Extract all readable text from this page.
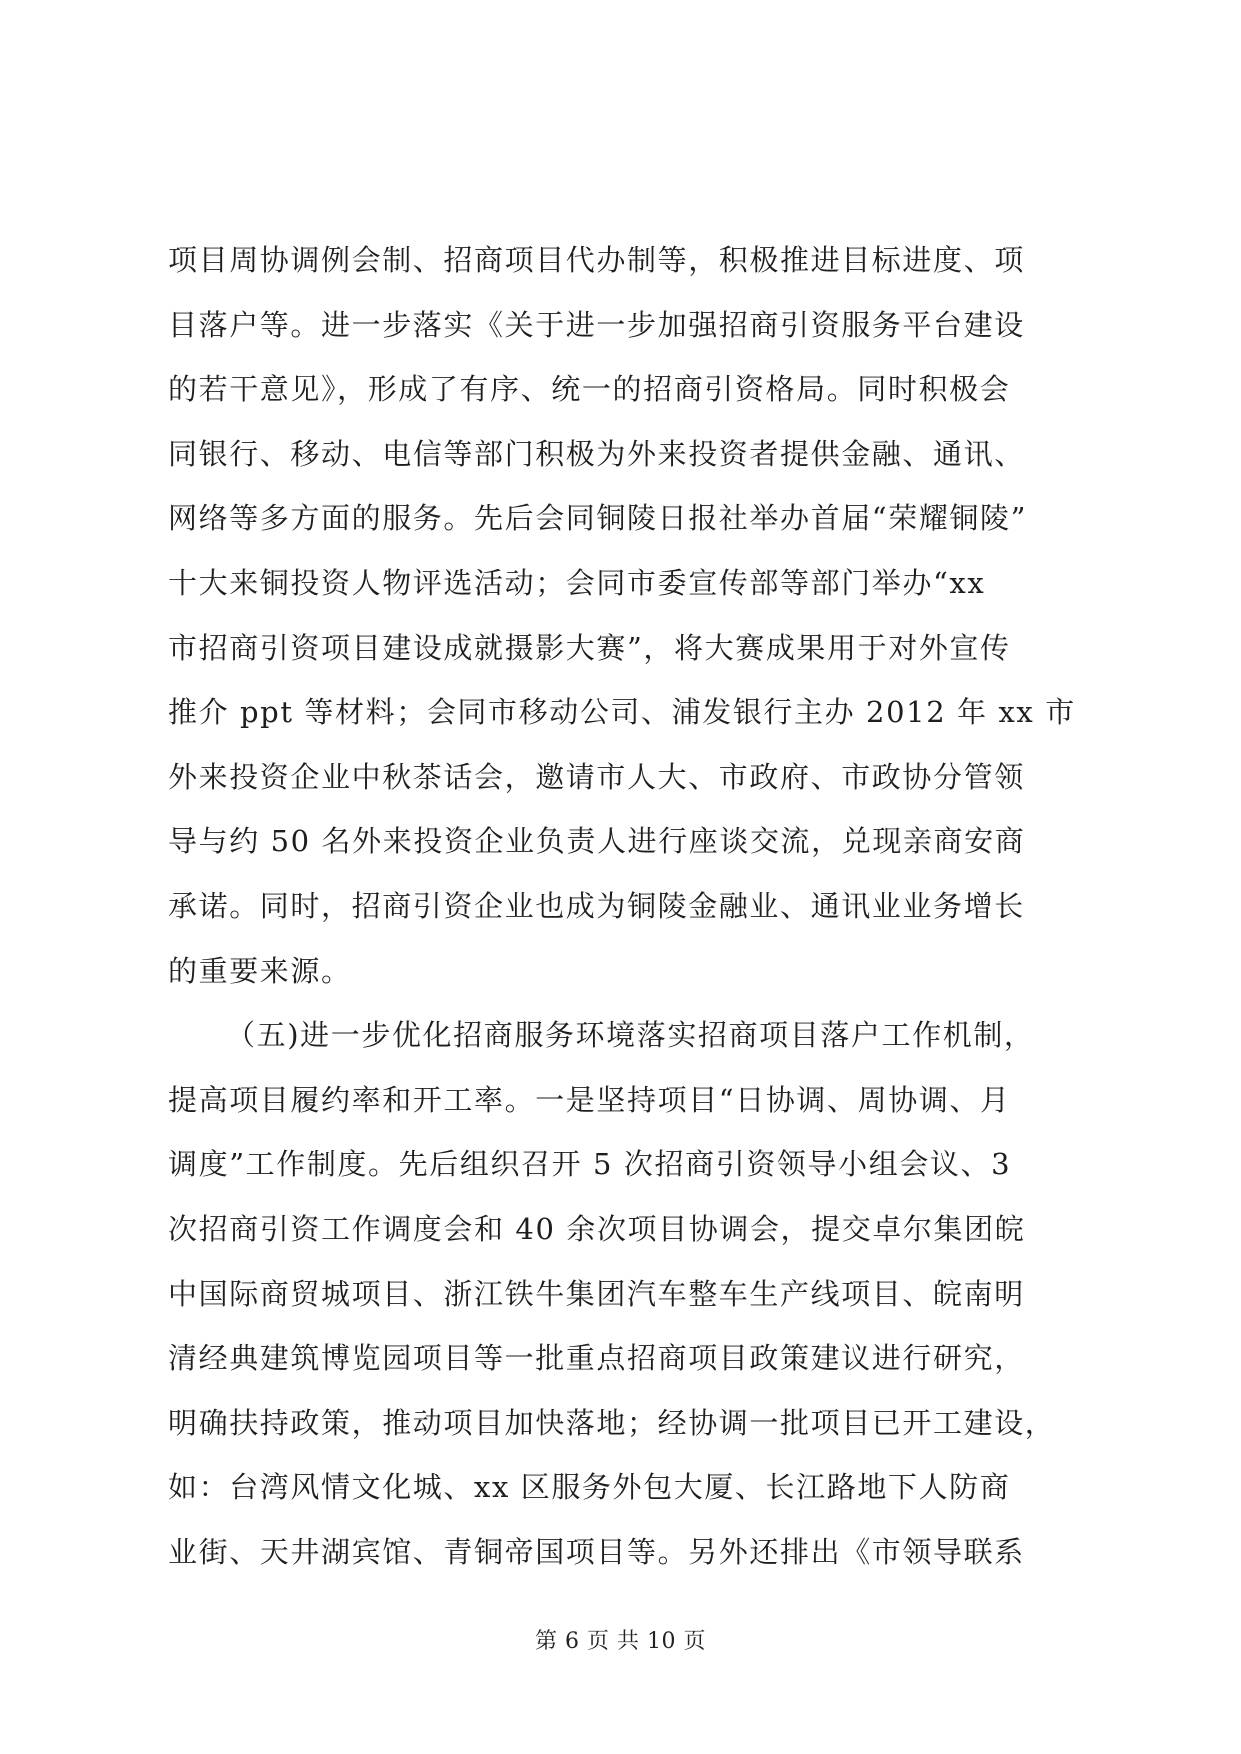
项目周协调例会制、招商项目代办制等，积极推进目标进度、项
目落户等。进一步落实《关于进一步加强招商引资服务平台建设
的若干意见》，形成了有序、统一的招商引资格局。同时积极会
同银行、移动、电信等部门积极为外来投资者提供金融、通讯、
网络等多方面的服务。先后会同铜陵日报社举办首届“荣耀铜陵”
十大来铜投资人物评选活动；会同市委宣传部等部门举办“xx
市招商引资项目建设成就摄影大赛”，将大赛成果用于对外宣传
推介 ppt 等材料；会同市移动公司、浦发银行主办 2012 年 xx 市
外来投资企业中秋茶话会，邀请市人大、市政府、市政协分管领
导与约 50 名外来投资企业负责人进行座谈交流，兑现亲商安商
承诺。同时，招商引资企业也成为铜陵金融业、通讯业业务增长
的重要来源。
（五)进一步优化招商服务环境落实招商项目落户工作机制，
提高项目履约率和开工率。一是坚持项目“日协调、周协调、月
调度”工作制度。先后组织召开 5 次招商引资领导小组会议、3
次招商引资工作调度会和 40 余次项目协调会，提交卓尔集团皖
中国际商贸城项目、浙江铁牛集团汽车整车生产线项目、皖南明
清经典建筑博览园项目等一批重点招商项目政策建议进行研究，
明确扶持政策，推动项目加快落地；经协调一批项目已开工建设，
如：台湾风情文化城、xx 区服务外包大厦、长江路地下人防商
业街、天井湖宾馆、青铜帝国项目等。另外还排出《市领导联系
第 6 页 共 10 页
